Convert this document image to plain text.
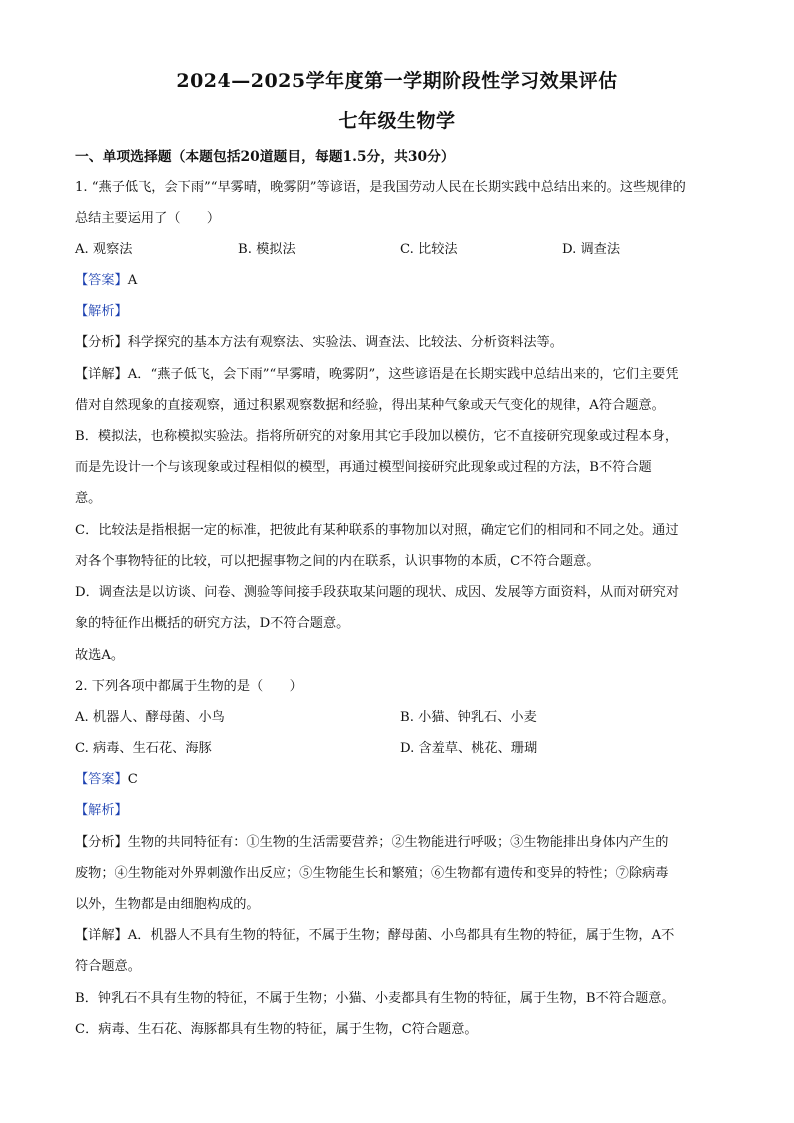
2024—2025学年度第一学期阶段性学习效果评估
七年级生物学
一、单项选择题（本题包括20道题目，每题1.5分，共30分）
1. “燕子低飞，会下雨”“早雾晴，晚雾阴”等谚语，是我国劳动人民在长期实践中总结出来的。这些规律的
总结主要运用了（　　）
A. 观察法	B. 模拟法	C. 比较法	D. 调查法
【答案】A
【解析】
【分析】科学探究的基本方法有观察法、实验法、调查法、比较法、分析资料法等。
【详解】A．“燕子低飞，会下雨”“早雾晴，晚雾阴”，这些谚语是在长期实践中总结出来的，它们主要凭
借对自然现象的直接观察，通过积累观察数据和经验，得出某种气象或天气变化的规律，A符合题意。
B．模拟法，也称模拟实验法。指将所研究的对象用其它手段加以模仿，它不直接研究现象或过程本身，
而是先设计一个与该现象或过程相似的模型，再通过模型间接研究此现象或过程的方法，B不符合题
意。
C．比较法是指根据一定的标准，把彼此有某种联系的事物加以对照，确定它们的相同和不同之处。通过
对各个事物特征的比较，可以把握事物之间的内在联系，认识事物的本质，C不符合题意。
D．调查法是以访谈、问卷、测验等间接手段获取某问题的现状、成因、发展等方面资料，从而对研究对
象的特征作出概括的研究方法，D不符合题意。
故选A。
2. 下列各项中都属于生物的是（　　）
A. 机器人、酵母菌、小鸟	B. 小猫、钟乳石、小麦
C. 病毒、生石花、海豚	D. 含羞草、桃花、珊瑚
【答案】C
【解析】
【分析】生物的共同特征有：①生物的生活需要营养；②生物能进行呼吸；③生物能排出身体内产生的
废物；④生物能对外界刺激作出反应；⑤生物能生长和繁殖；⑥生物都有遗传和变异的特性；⑦除病毒
以外，生物都是由细胞构成的。
【详解】A．机器人不具有生物的特征，不属于生物；酵母菌、小鸟都具有生物的特征，属于生物，A不
符合题意。
B．钟乳石不具有生物的特征，不属于生物；小猫、小麦都具有生物的特征，属于生物，B不符合题意。
C．病毒、生石花、海豚都具有生物的特征，属于生物，C符合题意。
